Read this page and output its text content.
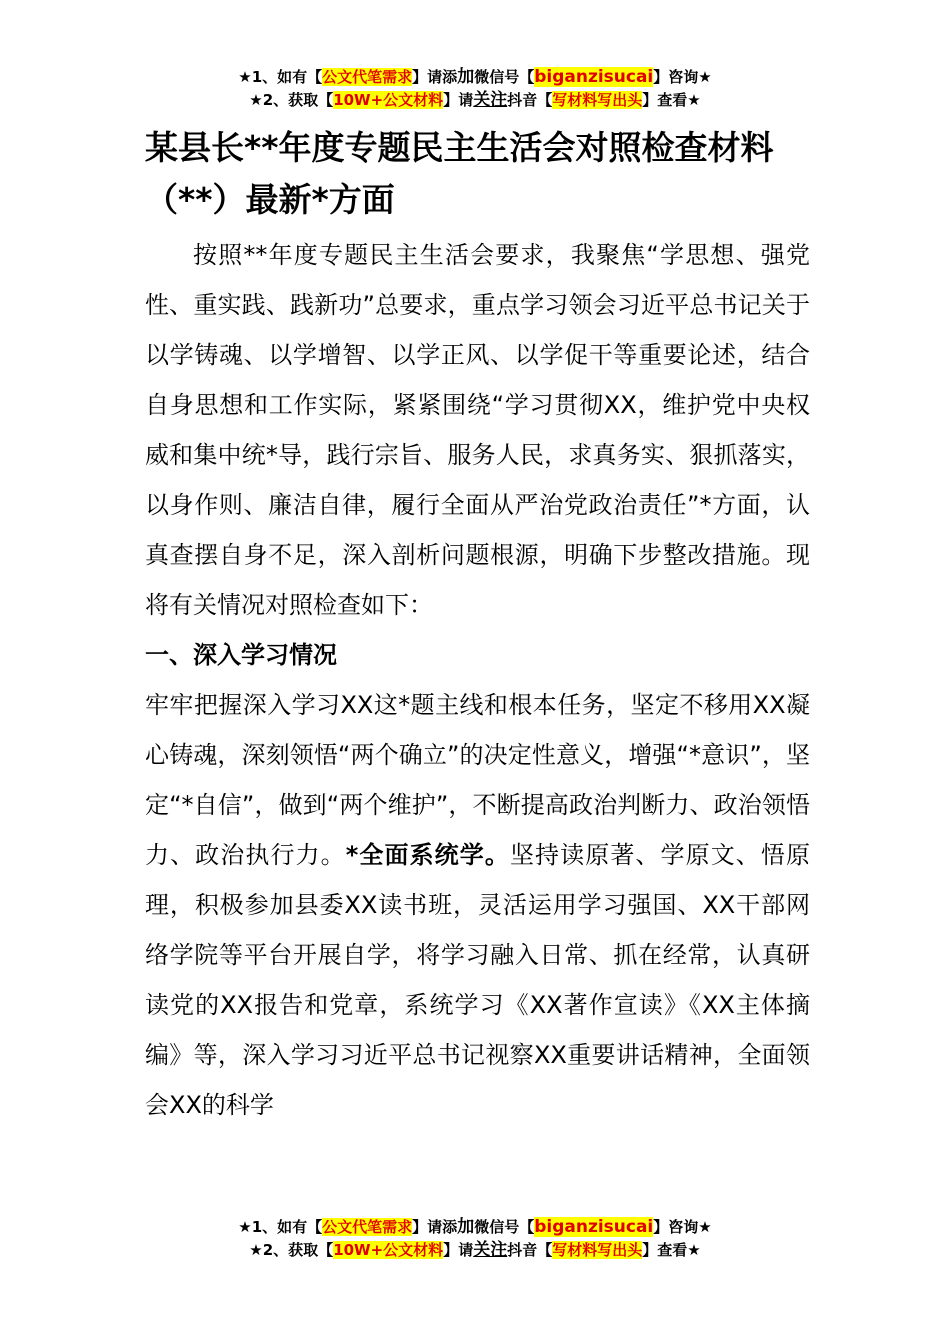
★1、如有【公文代笔需求】请添加微信号【biganzisucai】咨询★
★2、获取【10W+公文材料】请关注抖音【写材料写出头】查看★
某县长**年度专题民主生活会对照检查材料（**）最新*方面

按照**年度专题民主生活会要求，我聚焦“学思想、强党性、重实践、践新功”总要求，重点学习领会习近平总书记关于以学铸魂、以学增智、以学正风、以学促干等重要论述，结合自身思想和工作实际，紧紧围绕“学习贯彻XX，维护党中央权威和集中统*导，践行宗旨、服务人民，求真务实、狠抓落实，以身作则、廉洁自律，履行全面从严治党政治责任”*方面，认真查摆自身不足，深入剖析问题根源，明确下步整改措施。现将有关情况对照检查如下：

一、深入学习情况

牢牢把握深入学习XX这*题主线和根本任务，坚定不移用XX凝心铸魂，深刻领悟“两个确立”的决定性意义，增强“*意识”，坚定“*自信”，做到“两个维护”，不断提高政治判断力、政治领悟力、政治执行力。*全面系统学。坚持读原著、学原文、悟原理，积极参加县委XX读书班，灵活运用学习强国、XX干部网络学院等平台开展自学，将学习融入日常、抓在经常，认真研读党的XX报告和党章，系统学习《XX著作宣读》《XX主体摘编》等，深入学习习近平总书记视察XX重要讲话精神，全面领会XX的科学

★1、如有【公文代笔需求】请添加微信号【biganzisucai】咨询★
★2、获取【10W+公文材料】请关注抖音【写材料写出头】查看★
